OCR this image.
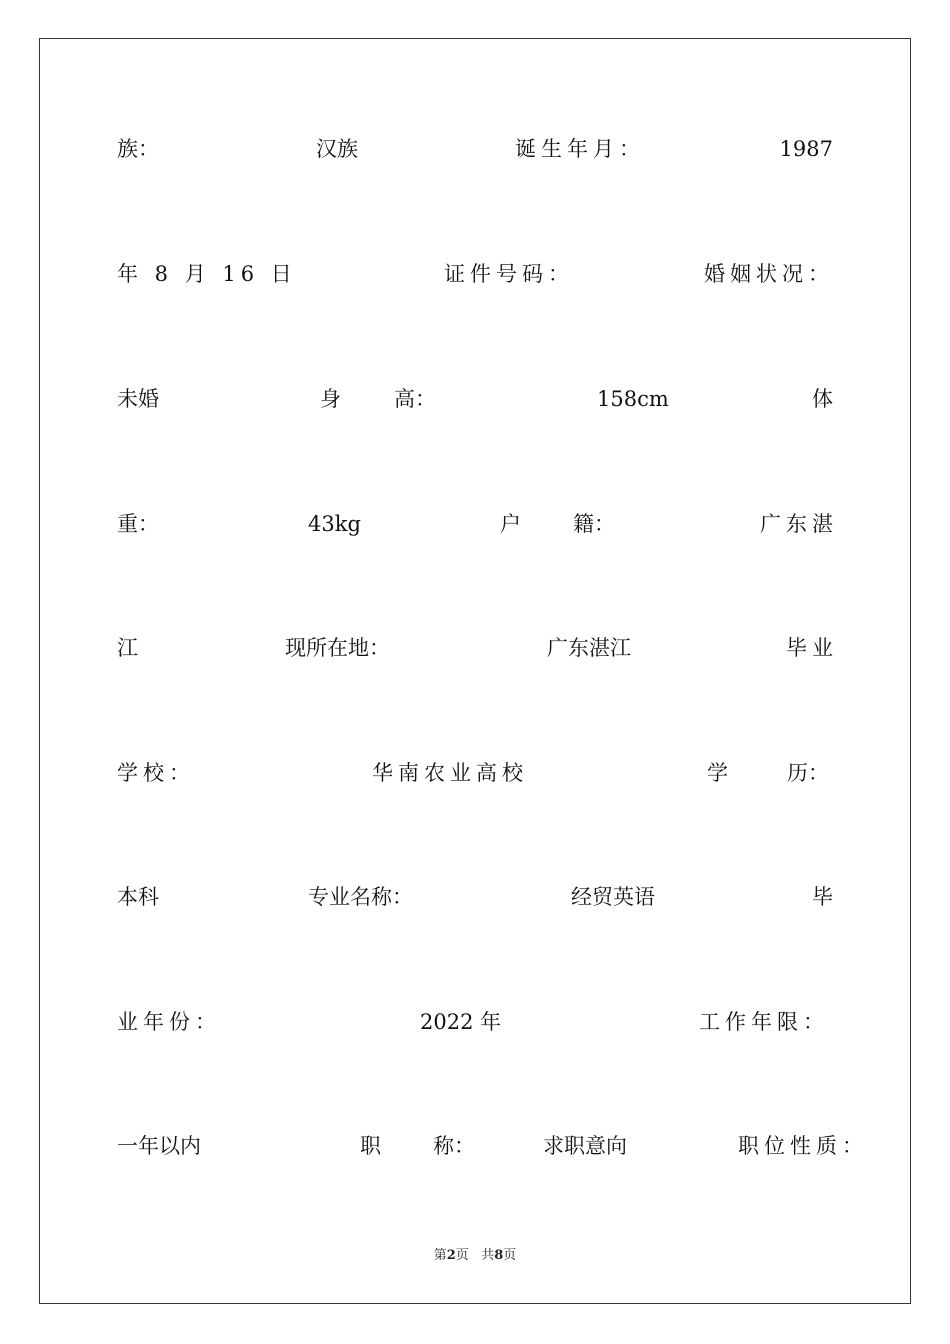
族：	汉族	诞生年月：	1987
年 8 月 16 日	证件号码：	婚姻状况：
未婚	身	高：	158cm	体
重：	43kg	户 籍：	广东湛
江	现所在地：	广东湛江	毕业
学校：	华南农业高校	学	历：
本科	专业名称：	经贸英语	毕
业年份：	2022 年	工作年限：
一年以内	职 称：	求职意向	职位性质：
第2页 共8页
